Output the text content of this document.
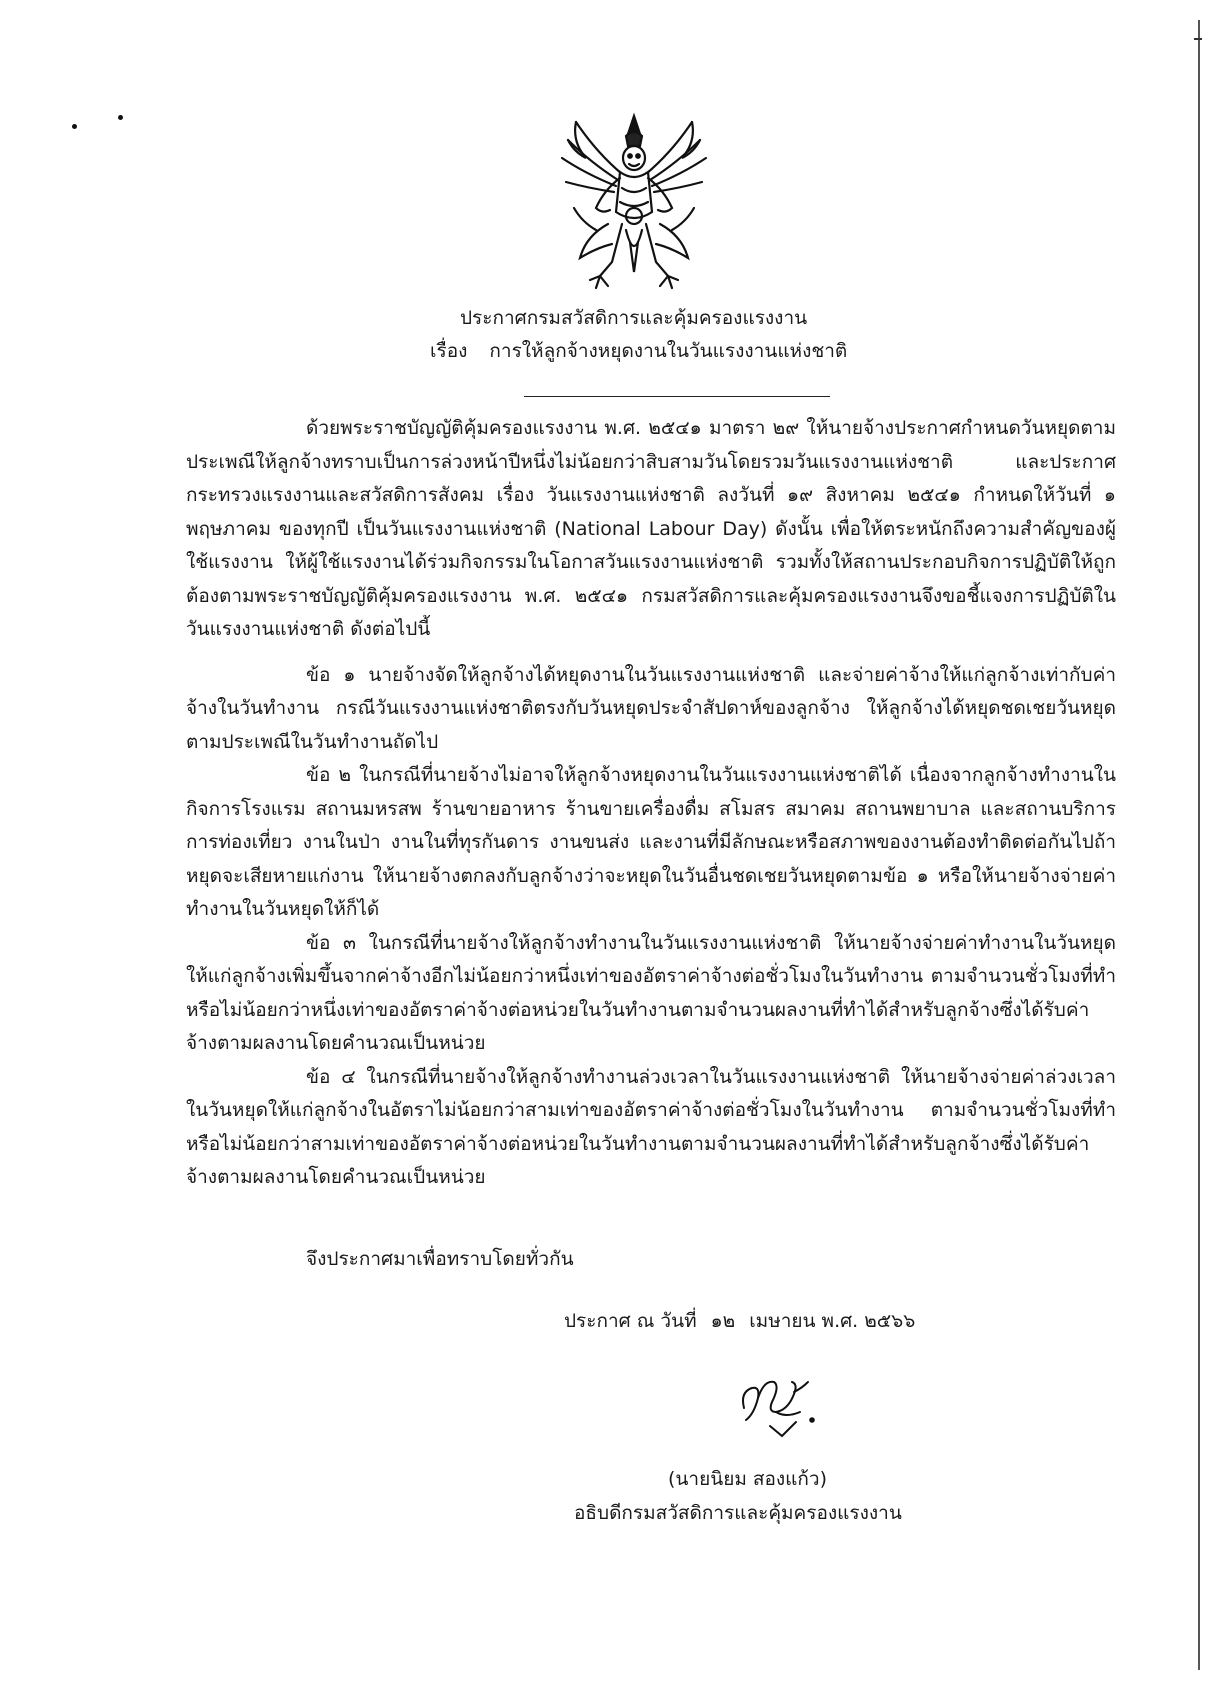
ประกาศกรมสวัสดิการและคุ้มครองแรงงาน
เรื่อง การให้ลูกจ้างหยุดงานในวันแรงงานแห่งชาติ

ด้วยพระราชบัญญัติคุ้มครองแรงงาน พ.ศ. ๒๕๔๑ มาตรา ๒๙ ให้นายจ้างประกาศกำหนดวันหยุดตามประเพณีให้ลูกจ้างทราบเป็นการล่วงหน้าปีหนึ่งไม่น้อยกว่าสิบสามวันโดยรวมวันแรงงานแห่งชาติ และประกาศกระทรวงแรงงานและสวัสดิการสังคม เรื่อง วันแรงงานแห่งชาติ ลงวันที่ ๑๙ สิงหาคม ๒๕๔๑ กำหนดให้วันที่ ๑ พฤษภาคม ของทุกปี เป็นวันแรงงานแห่งชาติ (National Labour Day) ดังนั้น เพื่อให้ตระหนักถึงความสำคัญของผู้ใช้แรงงาน ให้ผู้ใช้แรงงานได้ร่วมกิจกรรมในโอกาสวันแรงงานแห่งชาติ รวมทั้งให้สถานประกอบกิจการปฏิบัติให้ถูกต้องตามพระราชบัญญัติคุ้มครองแรงงาน พ.ศ. ๒๕๔๑ กรมสวัสดิการและคุ้มครองแรงงานจึงขอชี้แจงการปฏิบัติในวันแรงงานแห่งชาติ ดังต่อไปนี้

ข้อ ๑ นายจ้างจัดให้ลูกจ้างได้หยุดงานในวันแรงงานแห่งชาติ และจ่ายค่าจ้างให้แก่ลูกจ้างเท่ากับค่าจ้างในวันทำงาน กรณีวันแรงงานแห่งชาติตรงกับวันหยุดประจำสัปดาห์ของลูกจ้าง ให้ลูกจ้างได้หยุดชดเชยวันหยุดตามประเพณีในวันทำงานถัดไป

ข้อ ๒ ในกรณีที่นายจ้างไม่อาจให้ลูกจ้างหยุดงานในวันแรงงานแห่งชาติได้ เนื่องจากลูกจ้างทำงานในกิจการโรงแรม สถานมหรสพ ร้านขายอาหาร ร้านขายเครื่องดื่ม สโมสร สมาคม สถานพยาบาล และสถานบริการการท่องเที่ยว งานในป่า งานในที่ทุรกันดาร งานขนส่ง และงานที่มีลักษณะหรือสภาพของงานต้องทำติดต่อกันไปถ้าหยุดจะเสียหายแก่งาน ให้นายจ้างตกลงกับลูกจ้างว่าจะหยุดในวันอื่นชดเชยวันหยุดตามข้อ ๑ หรือให้นายจ้างจ่ายค่าทำงานในวันหยุดให้ก็ได้

ข้อ ๓ ในกรณีที่นายจ้างให้ลูกจ้างทำงานในวันแรงงานแห่งชาติ ให้นายจ้างจ่ายค่าทำงานในวันหยุดให้แก่ลูกจ้างเพิ่มขึ้นจากค่าจ้างอีกไม่น้อยกว่าหนึ่งเท่าของอัตราค่าจ้างต่อชั่วโมงในวันทำงาน ตามจำนวนชั่วโมงที่ทำ หรือไม่น้อยกว่าหนึ่งเท่าของอัตราค่าจ้างต่อหน่วยในวันทำงานตามจำนวนผลงานที่ทำได้สำหรับลูกจ้างซึ่งได้รับค่าจ้างตามผลงานโดยคำนวณเป็นหน่วย

ข้อ ๔ ในกรณีที่นายจ้างให้ลูกจ้างทำงานล่วงเวลาในวันแรงงานแห่งชาติ ให้นายจ้างจ่ายค่าล่วงเวลาในวันหยุดให้แก่ลูกจ้างในอัตราไม่น้อยกว่าสามเท่าของอัตราค่าจ้างต่อชั่วโมงในวันทำงาน ตามจำนวนชั่วโมงที่ทำ หรือไม่น้อยกว่าสามเท่าของอัตราค่าจ้างต่อหน่วยในวันทำงานตามจำนวนผลงานที่ทำได้สำหรับลูกจ้างซึ่งได้รับค่าจ้างตามผลงานโดยคำนวณเป็นหน่วย

จึงประกาศมาเพื่อทราบโดยทั่วกัน
ประกาศ ณ วันที่ ๑๒ เมษายน พ.ศ. ๒๕๖๖
(นายนิยม สองแก้ว)
อธิบดีกรมสวัสดิการและคุ้มครองแรงงาน
